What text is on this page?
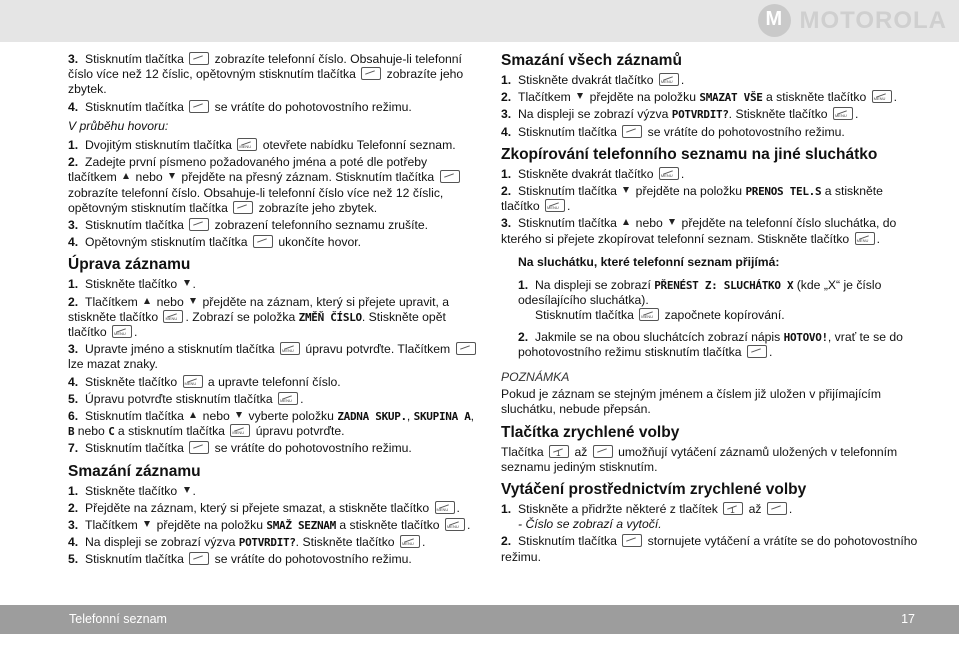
M
MOTOROLA

3. Stisknutím tlačítka  zobrazíte telefonní číslo. Obsahuje-li telefonní číslo více než 12 číslic, opětovným stisknutím tlačítka  zobrazíte jeho zbytek.

4. Stisknutím tlačítka  se vrátíte do pohotovostního režimu.

V průběhu hovoru:

1. Dvojitým stisknutím tlačítka MENU otevřete nabídku Telefonní seznam.

2. Zadejte první písmeno požadovaného jména a poté dle potřeby tlačítkem  nebo  přejděte na přesný záznam. Stisknutím tlačítka  zobrazíte telefonní číslo. Obsahuje-li telefonní číslo více než 12 číslic, opětovným stisknutím tlačítka  zobrazíte jeho zbytek.

3. Stisknutím tlačítka  zobrazení telefonního seznamu zrušíte.

4. Opětovným stisknutím tlačítka  ukončíte hovor.

Úprava záznamu

1. Stiskněte tlačítko .

2. Tlačítkem  nebo  přejděte na záznam, který si přejete upravit, a stiskněte tlačítko MENU. Zobrazí se položka ZMĚŇ ČÍSLO. Stiskněte opět tlačítko MENU.

3. Upravte jméno a stisknutím tlačítka MENU úpravu potvrďte. Tlačítkem  lze mazat znaky.

4. Stiskněte tlačítko MENU a upravte telefonní číslo.

5. Úpravu potvrďte stisknutím tlačítka MENU.

6. Stisknutím tlačítka  nebo  vyberte položku ZADNA SKUP., SKUPINA A, B nebo C a stisknutím tlačítka MENU úpravu potvrďte.

7. Stisknutím tlačítka  se vrátíte do pohotovostního režimu.

Smazání záznamu

1. Stiskněte tlačítko .

2. Přejděte na záznam, který si přejete smazat, a stiskněte tlačítko MENU.

3. Tlačítkem  přejděte na položku SMAŽ SEZNAM a stiskněte tlačítko MENU.

4. Na displeji se zobrazí výzva POTVRDIT?. Stiskněte tlačítko MENU.

5. Stisknutím tlačítka  se vrátíte do pohotovostního režimu.

Smazání všech záznamů

1. Stiskněte dvakrát tlačítko MENU.

2. Tlačítkem  přejděte na položku SMAZAT VŠE a stiskněte tlačítko MENU.

3. Na displeji se zobrazí výzva POTVRDIT?. Stiskněte tlačítko MENU.

4. Stisknutím tlačítka  se vrátíte do pohotovostního režimu.

Zkopírování telefonního seznamu na jiné sluchátko

1. Stiskněte dvakrát tlačítko MENU.

2. Stisknutím tlačítka  přejděte na položku PRENOS TEL.S a stiskněte tlačítko MENU.

3. Stisknutím tlačítka  nebo  přejděte na telefonní číslo sluchátka, do kterého si přejete zkopírovat telefonní seznam. Stiskněte tlačítko MENU.

Na sluchátku, které telefonní seznam přijímá:

1. Na displeji se zobrazí PŘENÉST Z: SLUCHÁTKO X (kde „X“ je číslo odesílajícího sluchátka).
Stisknutím tlačítka MENU započnete kopírování.

2. Jakmile se na obou sluchátcích zobrazí nápis HOTOVO!, vrať te se do pohotovostního režimu stisknutím tlačítka .

POZNÁMKA

Pokud je záznam se stejným jménem a číslem již uložen v přijímajícím sluchátku, nebude přepsán.

Tlačítka zrychlené volby

Tlačítka 1 až  umožňují vytáčení záznamů uložených v telefonním seznamu jediným stisknutím.

Vytáčení prostřednictvím zrychlené volby

1. Stiskněte a přidržte některé z tlačítek 1 až .
- Číslo se zobrazí a vytočí.

2. Stisknutím tlačítka  stornujete vytáčení a vrátíte se do pohotovostního režimu.

Telefonní seznam	17
